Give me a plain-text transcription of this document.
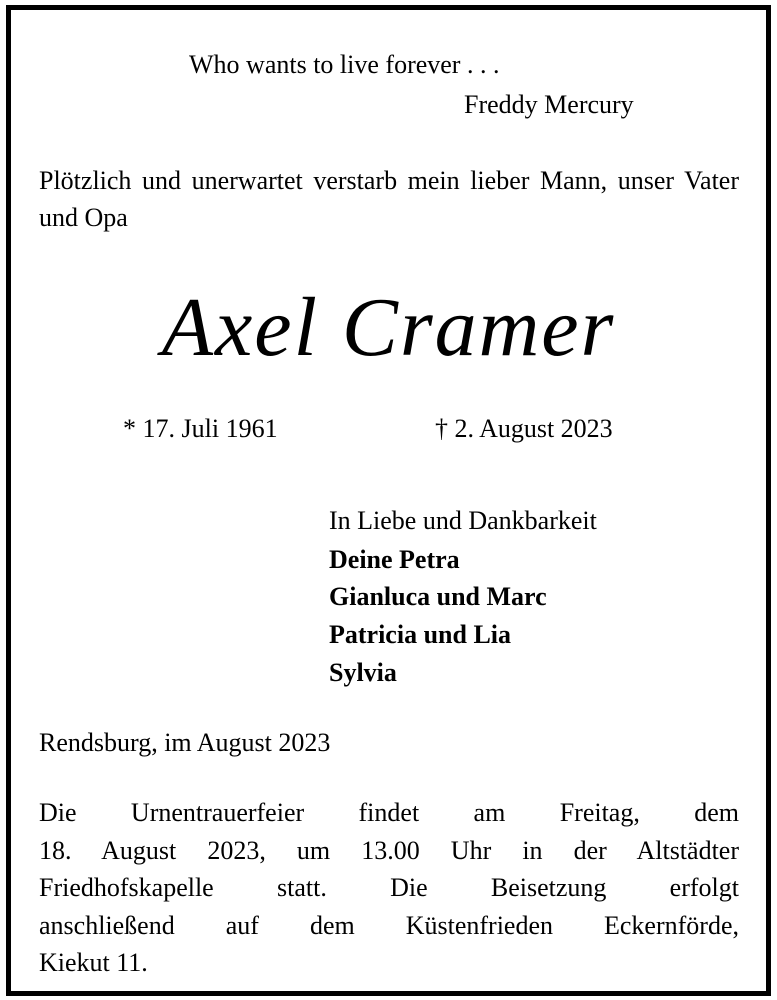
Who wants to live forever . . .
Freddy Mercury
Plötzlich und unerwartet verstarb mein lieber Mann, unser Vater und Opa
Axel Cramer
* 17. Juli 1961	† 2. August 2023
In Liebe und Dankbarkeit
Deine Petra
Gianluca und Marc
Patricia und Lia
Sylvia
Rendsburg, im August 2023
Die Urnentrauerfeier findet am Freitag, dem
18. August 2023, um 13.00 Uhr in der Altstädter
Friedhofskapelle statt. Die Beisetzung erfolgt
anschließend auf dem Küstenfrieden Eckernförde,
Kiekut 11.
